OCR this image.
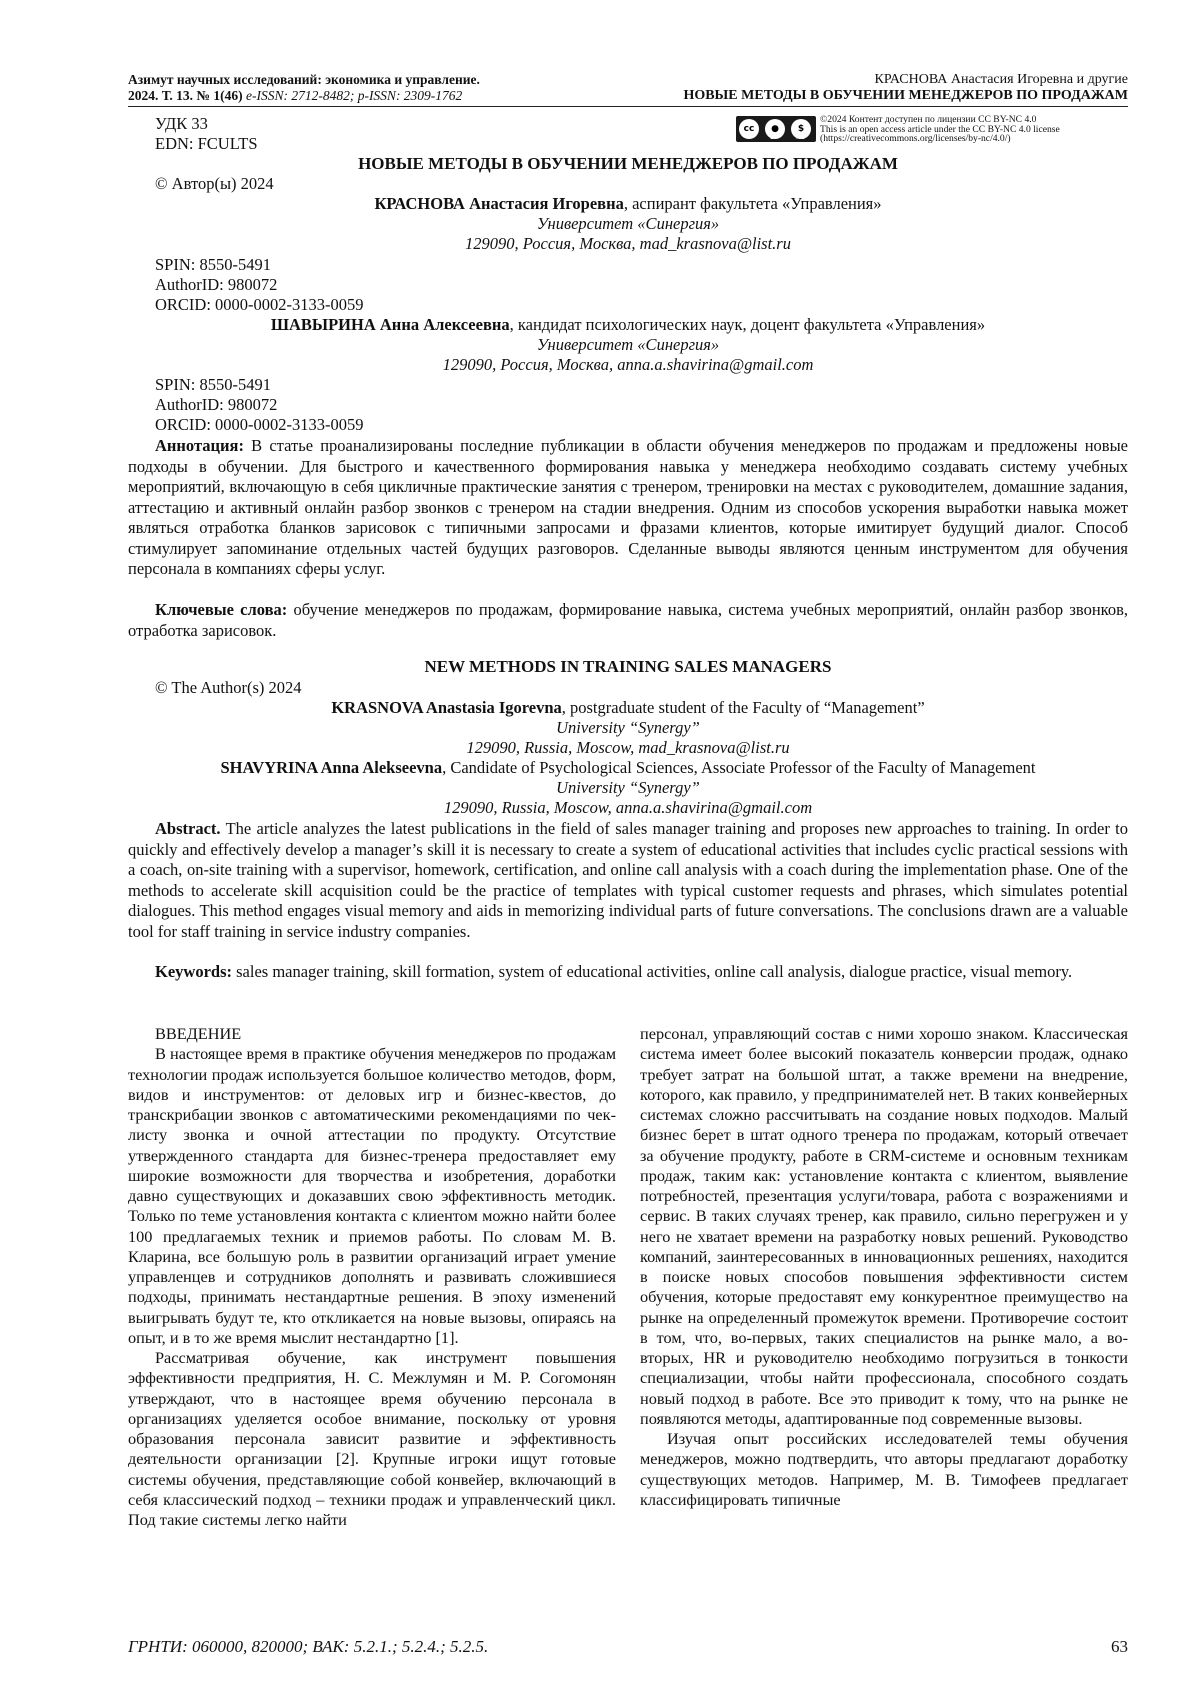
Азимут научных исследований: экономика и управление.
2024. Т. 13. № 1(46) e-ISSN: 2712-8482; p-ISSN: 2309-1762
КРАСНОВА Анастасия Игоревна и другие
НОВЫЕ МЕТОДЫ В ОБУЧЕНИИ МЕНЕДЖЕРОВ ПО ПРОДАЖАМ
cc	●	$
BY	NC
©2024 Контент доступен по лицензии CC BY-NC 4.0
This is an open access article under the CC BY-NC 4.0 license
(https://creativecommons.org/licenses/by-nc/4.0/)
УДК 33
EDN: FCULTS
НОВЫЕ МЕТОДЫ В ОБУЧЕНИИ МЕНЕДЖЕРОВ ПО ПРОДАЖАМ
© Автор(ы) 2024
КРАСНОВА Анастасия Игоревна, аспирант факультета «Управления»
Университет «Синергия»
129090, Россия, Москва, mad_krasnova@list.ru
SPIN: 8550-5491
AuthorID: 980072
ORCID: 0000-0002-3133-0059
ШАВЫРИНА Анна Алексеевна, кандидат психологических наук, доцент факультета «Управления»
Университет «Синергия»
129090, Россия, Москва, anna.a.shavirina@gmail.com
SPIN: 8550-5491
AuthorID: 980072
ORCID: 0000-0002-3133-0059
Аннотация: В статье проанализированы последние публикации в области обучения менеджеров по продажам и предложены новые подходы в обучении. Для быстрого и качественного формирования навыка у менеджера необходимо создавать систему учебных мероприятий, включающую в себя цикличные практические занятия с тренером, тренировки на местах с руководителем, домашние задания, аттестацию и активный онлайн разбор звонков с тренером на стадии внедрения. Одним из способов ускорения выработки навыка может являться отработка бланков зарисовок с типичными запросами и фразами клиентов, которые имитирует будущий диалог. Способ стимулирует запоминание отдельных частей будущих разговоров. Сделанные выводы являются ценным инструментом для обучения персонала в компаниях сферы услуг.
Ключевые слова: обучение менеджеров по продажам, формирование навыка, система учебных мероприятий, онлайн разбор звонков, отработка зарисовок.
NEW METHODS IN TRAINING SALES MANAGERS
© The Author(s) 2024
KRASNOVA Anastasia Igorevna, postgraduate student of the Faculty of “Management”
University “Synergy”
129090, Russia, Moscow, mad_krasnova@list.ru
SHAVYRINA Anna Alekseevna, Candidate of Psychological Sciences, Associate Professor of the Faculty of Management
University “Synergy”
129090, Russia, Moscow, anna.a.shavirina@gmail.com
Abstract. The article analyzes the latest publications in the field of sales manager training and proposes new approaches to training. In order to quickly and effectively develop a manager’s skill it is necessary to create a system of educational activities that includes cyclic practical sessions with a coach, on-site training with a supervisor, homework, certification, and online call analysis with a coach during the implementation phase. One of the methods to accelerate skill acquisition could be the practice of templates with typical customer requests and phrases, which simulates potential dialogues. This method engages visual memory and aids in memorizing individual parts of future conversations. The conclusions drawn are a valuable tool for staff training in service industry companies.
Keywords: sales manager training, skill formation, system of educational activities, online call analysis, dialogue practice, visual memory.

ВВЕДЕНИЕ

В настоящее время в практике обучения менеджеров по продажам технологии продаж используется большое количество методов, форм, видов и инструментов: от деловых игр и бизнес-квестов, до транскрибации звонков с автоматическими рекомендациями по чек-листу звонка и очной аттестации по продукту. Отсутствие утвержденного стандарта для бизнес-тренера предоставляет ему широкие возможности для творчества и изобретения, доработки давно существующих и доказавших свою эффективность методик. Только по теме установления контакта с клиентом можно найти более 100 предлагаемых техник и приемов работы. По словам М. В. Кларина, все большую роль в развитии организаций играет умение управленцев и сотрудников дополнять и развивать сложившиеся подходы, принимать нестандартные решения. В эпоху изменений выигрывать будут те, кто откликается на новые вызовы, опираясь на опыт, и в то же время мыслит нестандартно [1].

Рассматривая обучение, как инструмент повышения эффективности предприятия, Н. С. Межлумян и М. Р. Согомонян утверждают, что в настоящее время обучению персонала в организациях уделяется особое внимание, поскольку от уровня образования персонала зависит развитие и эффективность деятельности организации [2]. Крупные игроки ищут готовые системы обучения, представляющие собой конвейер, включающий в себя классический подход – техники продаж и управленческий цикл. Под такие системы легко найти

персонал, управляющий состав с ними хорошо знаком. Классическая система имеет более высокий показатель конверсии продаж, однако требует затрат на большой штат, а также времени на внедрение, которого, как правило, у предпринимателей нет. В таких конвейерных системах сложно рассчитывать на создание новых подходов. Малый бизнес берет в штат одного тренера по продажам, который отвечает за обучение продукту, работе в CRM-системе и основным техникам продаж, таким как: установление контакта с клиентом, выявление потребностей, презентация услуги/товара, работа с возражениями и сервис. В таких случаях тренер, как правило, сильно перегружен и у него не хватает времени на разработку новых решений. Руководство компаний, заинтересованных в инновационных решениях, находится в поиске новых способов повышения эффективности систем обучения, которые предоставят ему конкурентное преимущество на рынке на определенный промежуток времени. Противоречие состоит в том, что, во-первых, таких специалистов на рынке мало, а во-вторых, HR и руководителю необходимо погрузиться в тонкости специализации, чтобы найти профессионала, способного создать новый подход в работе. Все это приводит к тому, что на рынке не появляются методы, адаптированные под современные вызовы.

Изучая опыт российских исследователей темы обучения менеджеров, можно подтвердить, что авторы предлагают доработку существующих методов. Например, М. В. Тимофеев предлагает классифицировать типичные

ГРНТИ: 060000, 820000; ВАК: 5.2.1.; 5.2.4.; 5.2.5.	63
